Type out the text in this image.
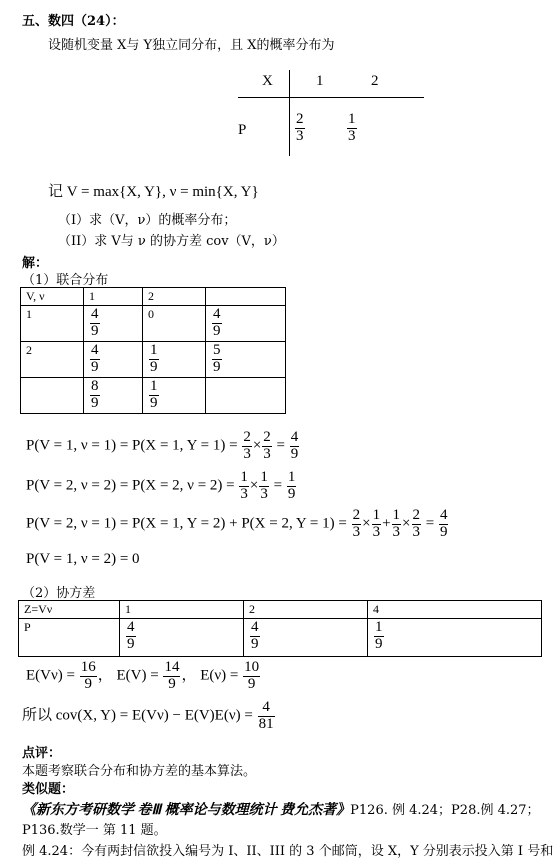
五、数四（24）：
设随机变量 X与 Y独立同分布，且 X的概率分布为
X	1	2
P	$\frac{2}{3}$	$\frac{1}{3}$
记 V = max{X, Y}, ν = min{X, Y}
（I）求（V，ν）的概率分布；
（II）求 V与 ν 的协方差 cov（V，ν）
解：
（1）联合分布
V, ν	1	2	
1	$\frac{4}{9}$	0	$\frac{4}{9}$

2	$\frac{4}{9}$	$\frac{1}{9}$	$\frac{5}{9}$

	$\frac{8}{9}$	$\frac{1}{9}$

P(V = 1, ν = 1) = P(X = 1, $Y = 1) = \frac{2}{3} \times \frac{2}{3} = \frac{4}{9}$
P(V = 2, ν = 2) = P(X = 2, $\nu = 2) = \frac{1}{3} \times \frac{1}{3} = \frac{1}{9}$
P(V = 2, ν = 1) = P(X = 1, Y = 2) + P(X = 2, $Y = 1) = \frac{2}{3} \times \frac{1}{3} + \frac{1}{3} \times \frac{2}{3} = \frac{4}{9}$
P(V = 1, ν = 2) = 0
（2）协方差
Z=Vν	1	2	4
P	$\frac{4}{9}$	$\frac{4}{9}$	$\frac{1}{9}$
$E(V\nu) = \frac{16}{9}$ ， $E(V) = \frac{14}{9}$ ， $E(\nu) = \frac{10}{9}$
所以 cov(X, $Y) = E(V\nu) - E(V)E(\nu) = \frac{4}{81}$
点评：
本题考察联合分布和协方差的基本算法。
类似题：
《新东方考研数学 卷Ⅲ 概率论与数理统计 费允杰著》P126. 例 4.24；P28.例 4.27；
P136.数学一 第 11 题。
例 4.24：今有两封信欲投入编号为 I、II、III 的 3 个邮筒，设 X，Y 分别表示投入第 I 号和
